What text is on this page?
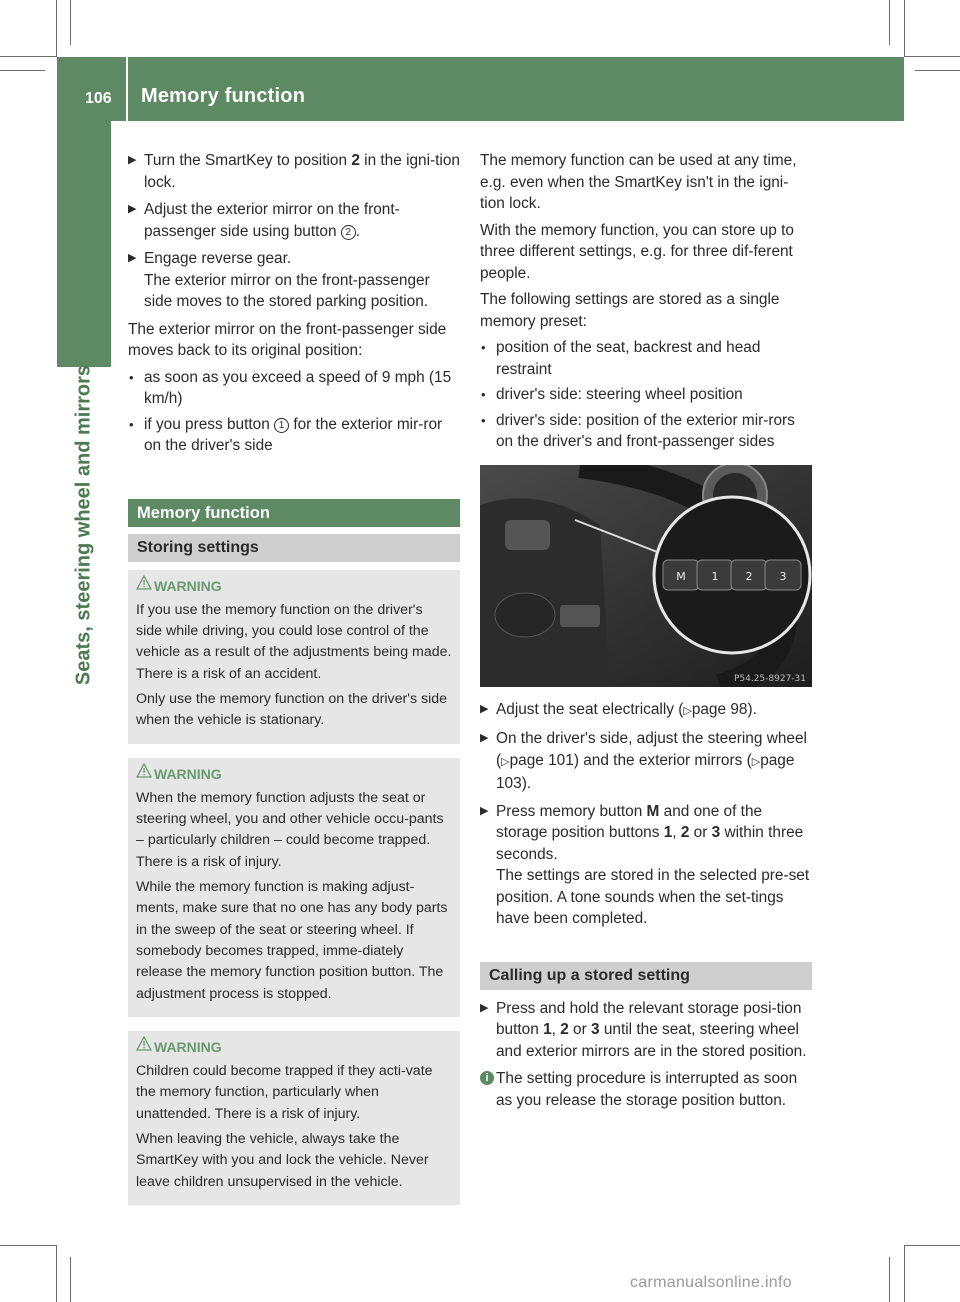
106 Memory function
Seats, steering wheel and mirrors
▶ Turn the SmartKey to position 2 in the igni-tion lock.
▶ Adjust the exterior mirror on the front-passenger side using button 2 .
▶ Engage reverse gear.
The exterior mirror on the front-passenger side moves to the stored parking position.

The exterior mirror on the front-passenger side moves back to its original position:

• as soon as you exceed a speed of 9 mph (15 km/h)
• if you press button 1 for the exterior mir-ror on the driver's side
Memory function
Storing settings
WARNING

If you use the memory function on the driver's side while driving, you could lose control of the vehicle as a result of the adjustments being made. There is a risk of an accident.

Only use the memory function on the driver's side when the vehicle is stationary.

WARNING

When the memory function adjusts the seat or steering wheel, you and other vehicle occu-pants – particularly children – could become trapped. There is a risk of injury.

While the memory function is making adjust-ments, make sure that no one has any body parts in the sweep of the seat or steering wheel. If somebody becomes trapped, imme-diately release the memory function position button. The adjustment process is stopped.

WARNING

Children could become trapped if they acti-vate the memory function, particularly when unattended. There is a risk of injury.

When leaving the vehicle, always take the SmartKey with you and lock the vehicle. Never leave children unsupervised in the vehicle.

The memory function can be used at any time, e.g. even when the SmartKey isn't in the igni-tion lock.

With the memory function, you can store up to three different settings, e.g. for three dif-ferent people.

The following settings are stored as a single memory preset:

• position of the seat, backrest and head restraint
• driver's side: steering wheel position
• driver's side: position of the exterior mir-rors on the driver's and front-passenger sides
M 1 2 3
P54.25-8927-31
▶ Adjust the seat electrically (▷page 98).
▶ On the driver's side, adjust the steering wheel (▷page 101) and the exterior mirrors (▷page 103).
▶ Press memory button M and one of the storage position buttons 1, 2 or 3 within three seconds.
The settings are stored in the selected pre-set position. A tone sounds when the set-tings have been completed.
Calling up a stored setting
▶ Press and hold the relevant storage posi-tion button 1, 2 or 3 until the seat, steering wheel and exterior mirrors are in the stored position.
i The setting procedure is interrupted as soon as you release the storage position button.
carmanualsonline.info
